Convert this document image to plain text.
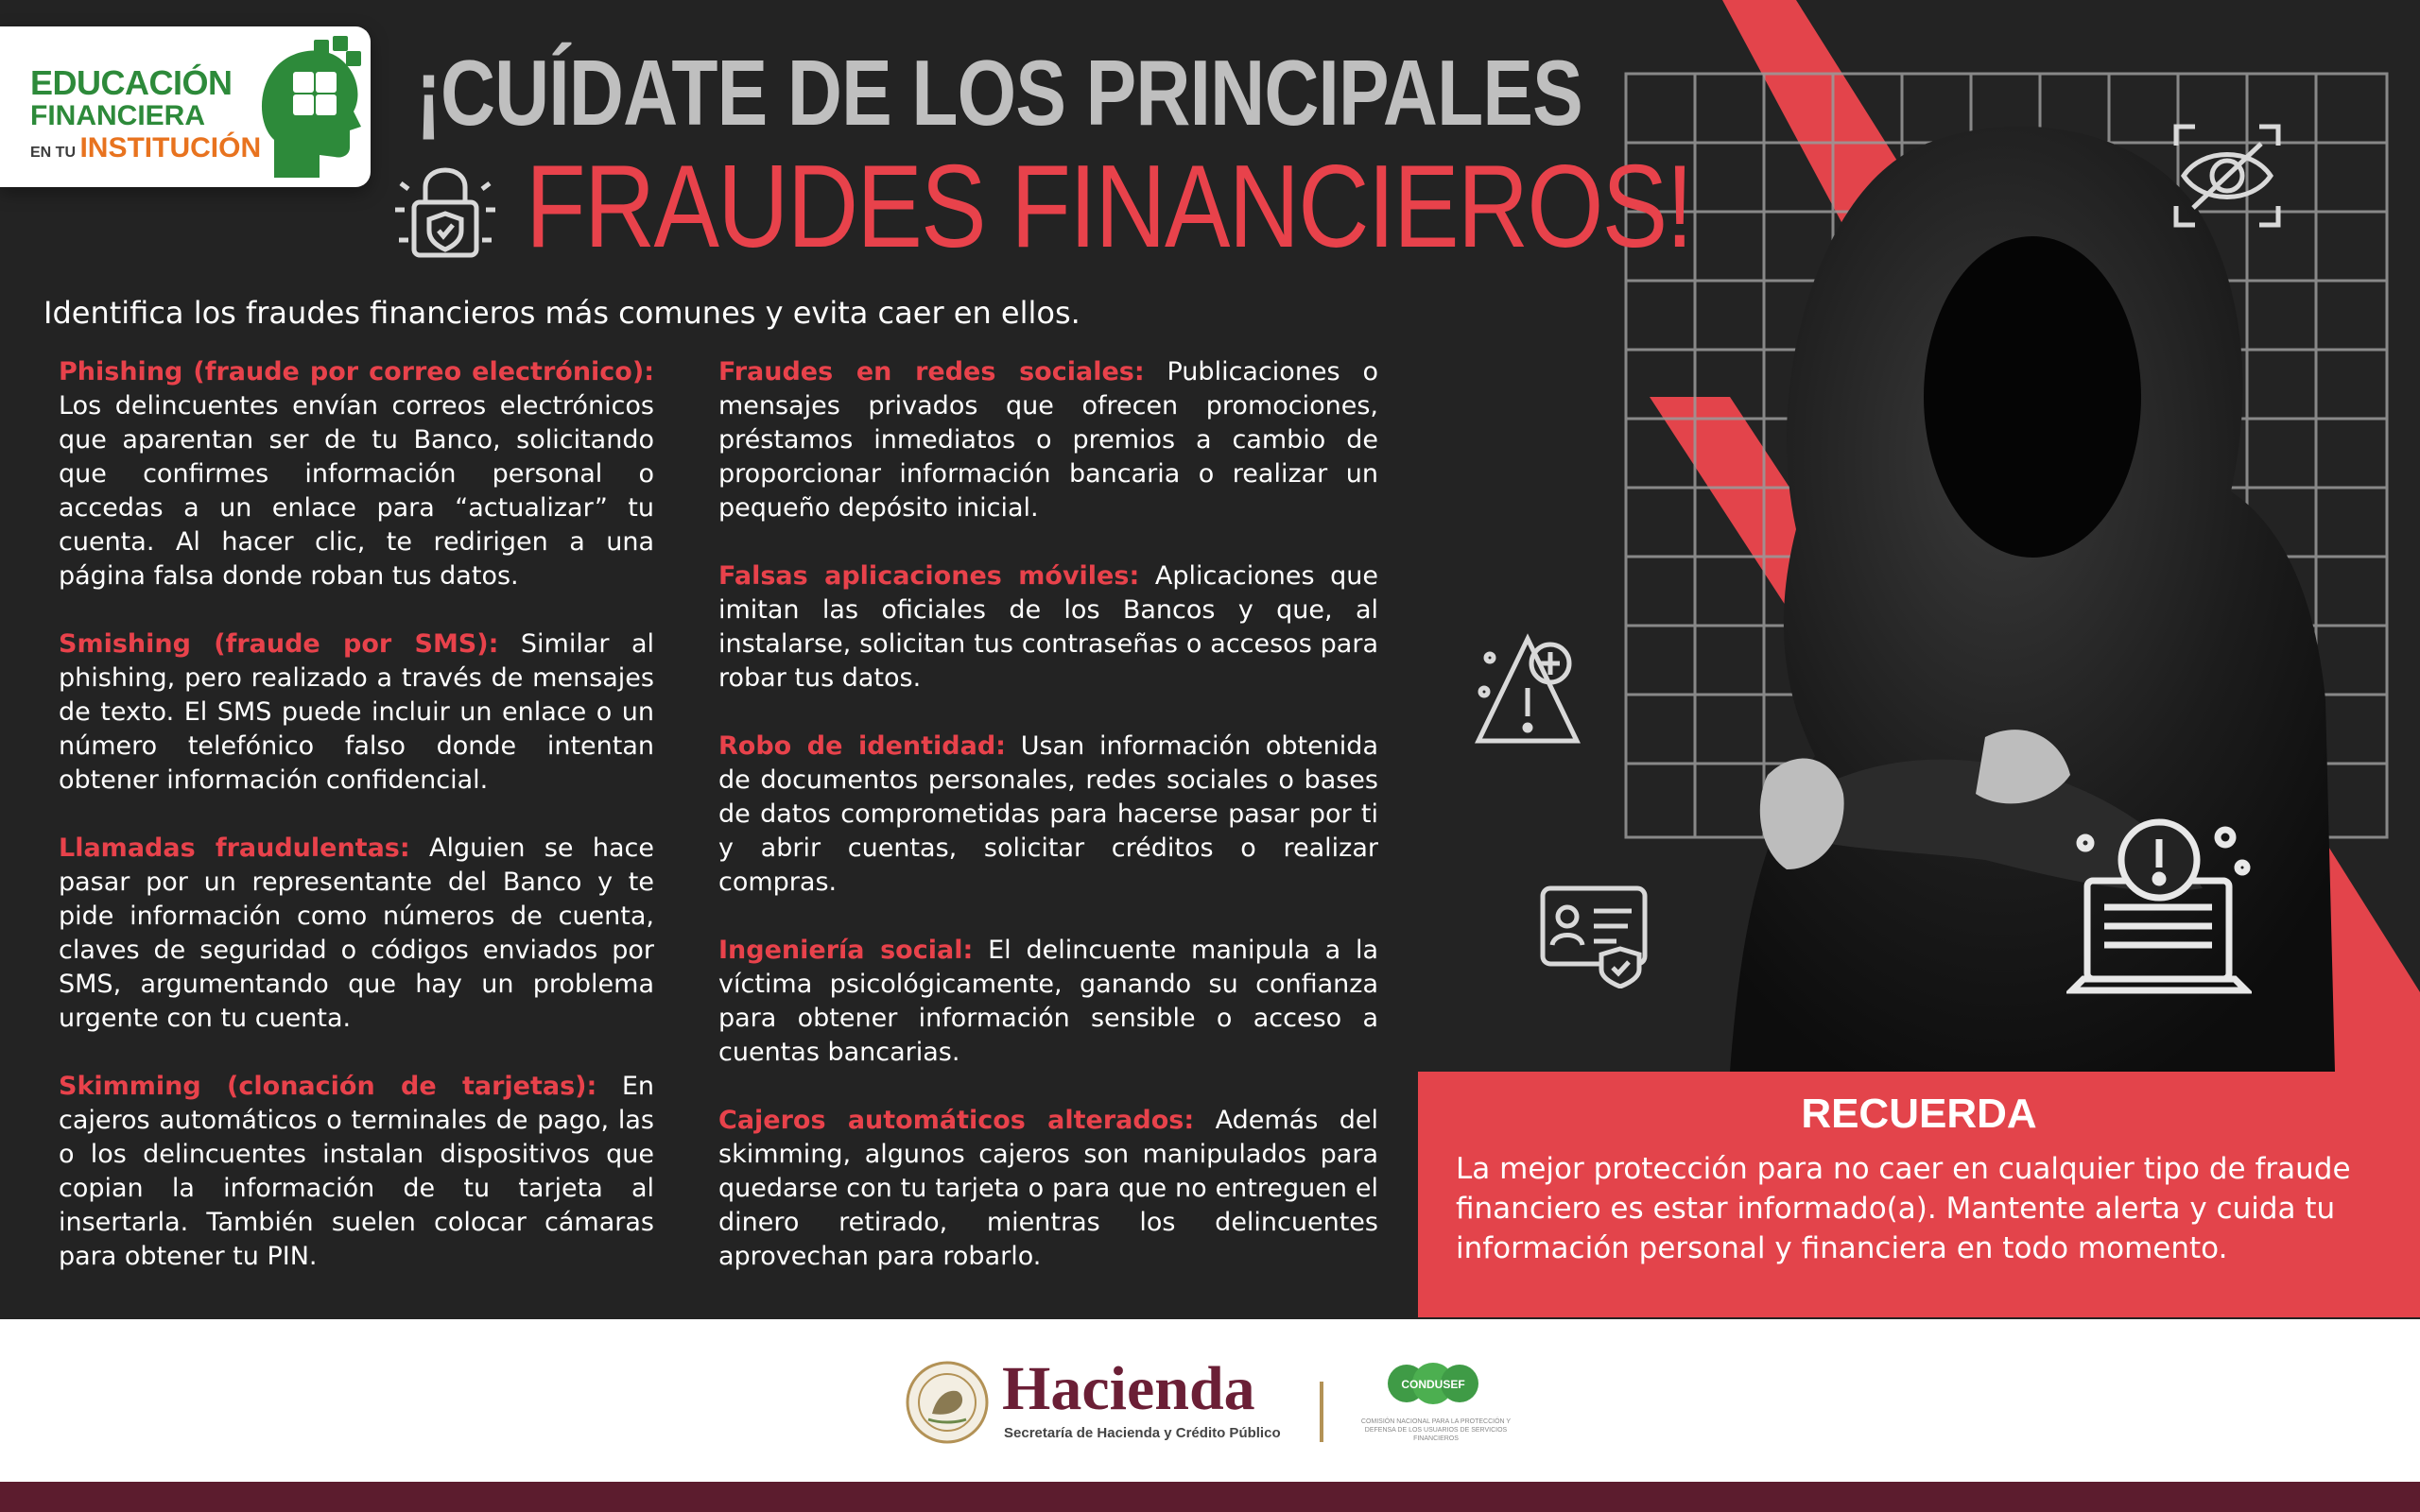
EDUCACIÓN
FINANCIERA
EN TU INSTITUCIÓN
¡CUÍDATE DE LOS PRINCIPALES
FRAUDES FINANCIEROS!
Identifica los fraudes financieros más comunes y evita caer en ellos.

Phishing (fraude por correo electrónico): Los delincuentes envían correos electrónicos que aparentan ser de tu Banco, solicitando que confirmes información personal o accedas a un enlace para “actualizar” tu cuenta. Al hacer clic, te redirigen a una página falsa donde roban tus datos.

Smishing (fraude por SMS): Similar al phishing, pero realizado a través de mensajes de texto. El SMS puede incluir un enlace o un número telefónico falso donde intentan obtener información confidencial.

Llamadas fraudulentas: Alguien se hace pasar por un representante del Banco y te pide información como números de cuenta, claves de seguridad o códigos enviados por SMS, argumentando que hay un problema urgente con tu cuenta.

Skimming (clonación de tarjetas): En cajeros automáticos o terminales de pago, las o los delincuentes instalan dispositivos que copian la información de tu tarjeta al insertarla. También suelen colocar cámaras para obtener tu PIN.

Fraudes en redes sociales: Publicaciones o mensajes privados que ofrecen promociones, préstamos inmediatos o premios a cambio de proporcionar información bancaria o realizar un pequeño depósito inicial.

Falsas aplicaciones móviles: Aplicaciones que imitan las oficiales de los Bancos y que, al instalarse, solicitan tus contraseñas o accesos para robar tus datos.

Robo de identidad: Usan información obtenida de documentos personales, redes sociales o bases de datos comprometidas para hacerse pasar por ti y abrir cuentas, solicitar créditos o realizar compras.

Ingeniería social: El delincuente manipula a la víctima psicológicamente, ganando su confianza para obtener información sensible o acceso a cuentas bancarias.

Cajeros automáticos alterados: Además del skimming, algunos cajeros son manipulados para quedarse con tu tarjeta o para que no entreguen el dinero retirado, mientras los delincuentes aprovechan para robarlo.

RECUERDA
La mejor protección para no caer en cualquier tipo de fraude financiero es estar informado(a). Mantente alerta y cuida tu información personal y financiera en todo momento.
Hacienda
Secretaría de Hacienda y Crédito Público
CONDUSEF
COMISIÓN NACIONAL PARA LA PROTECCIÓN Y DEFENSA DE LOS USUARIOS DE SERVICIOS FINANCIEROS
